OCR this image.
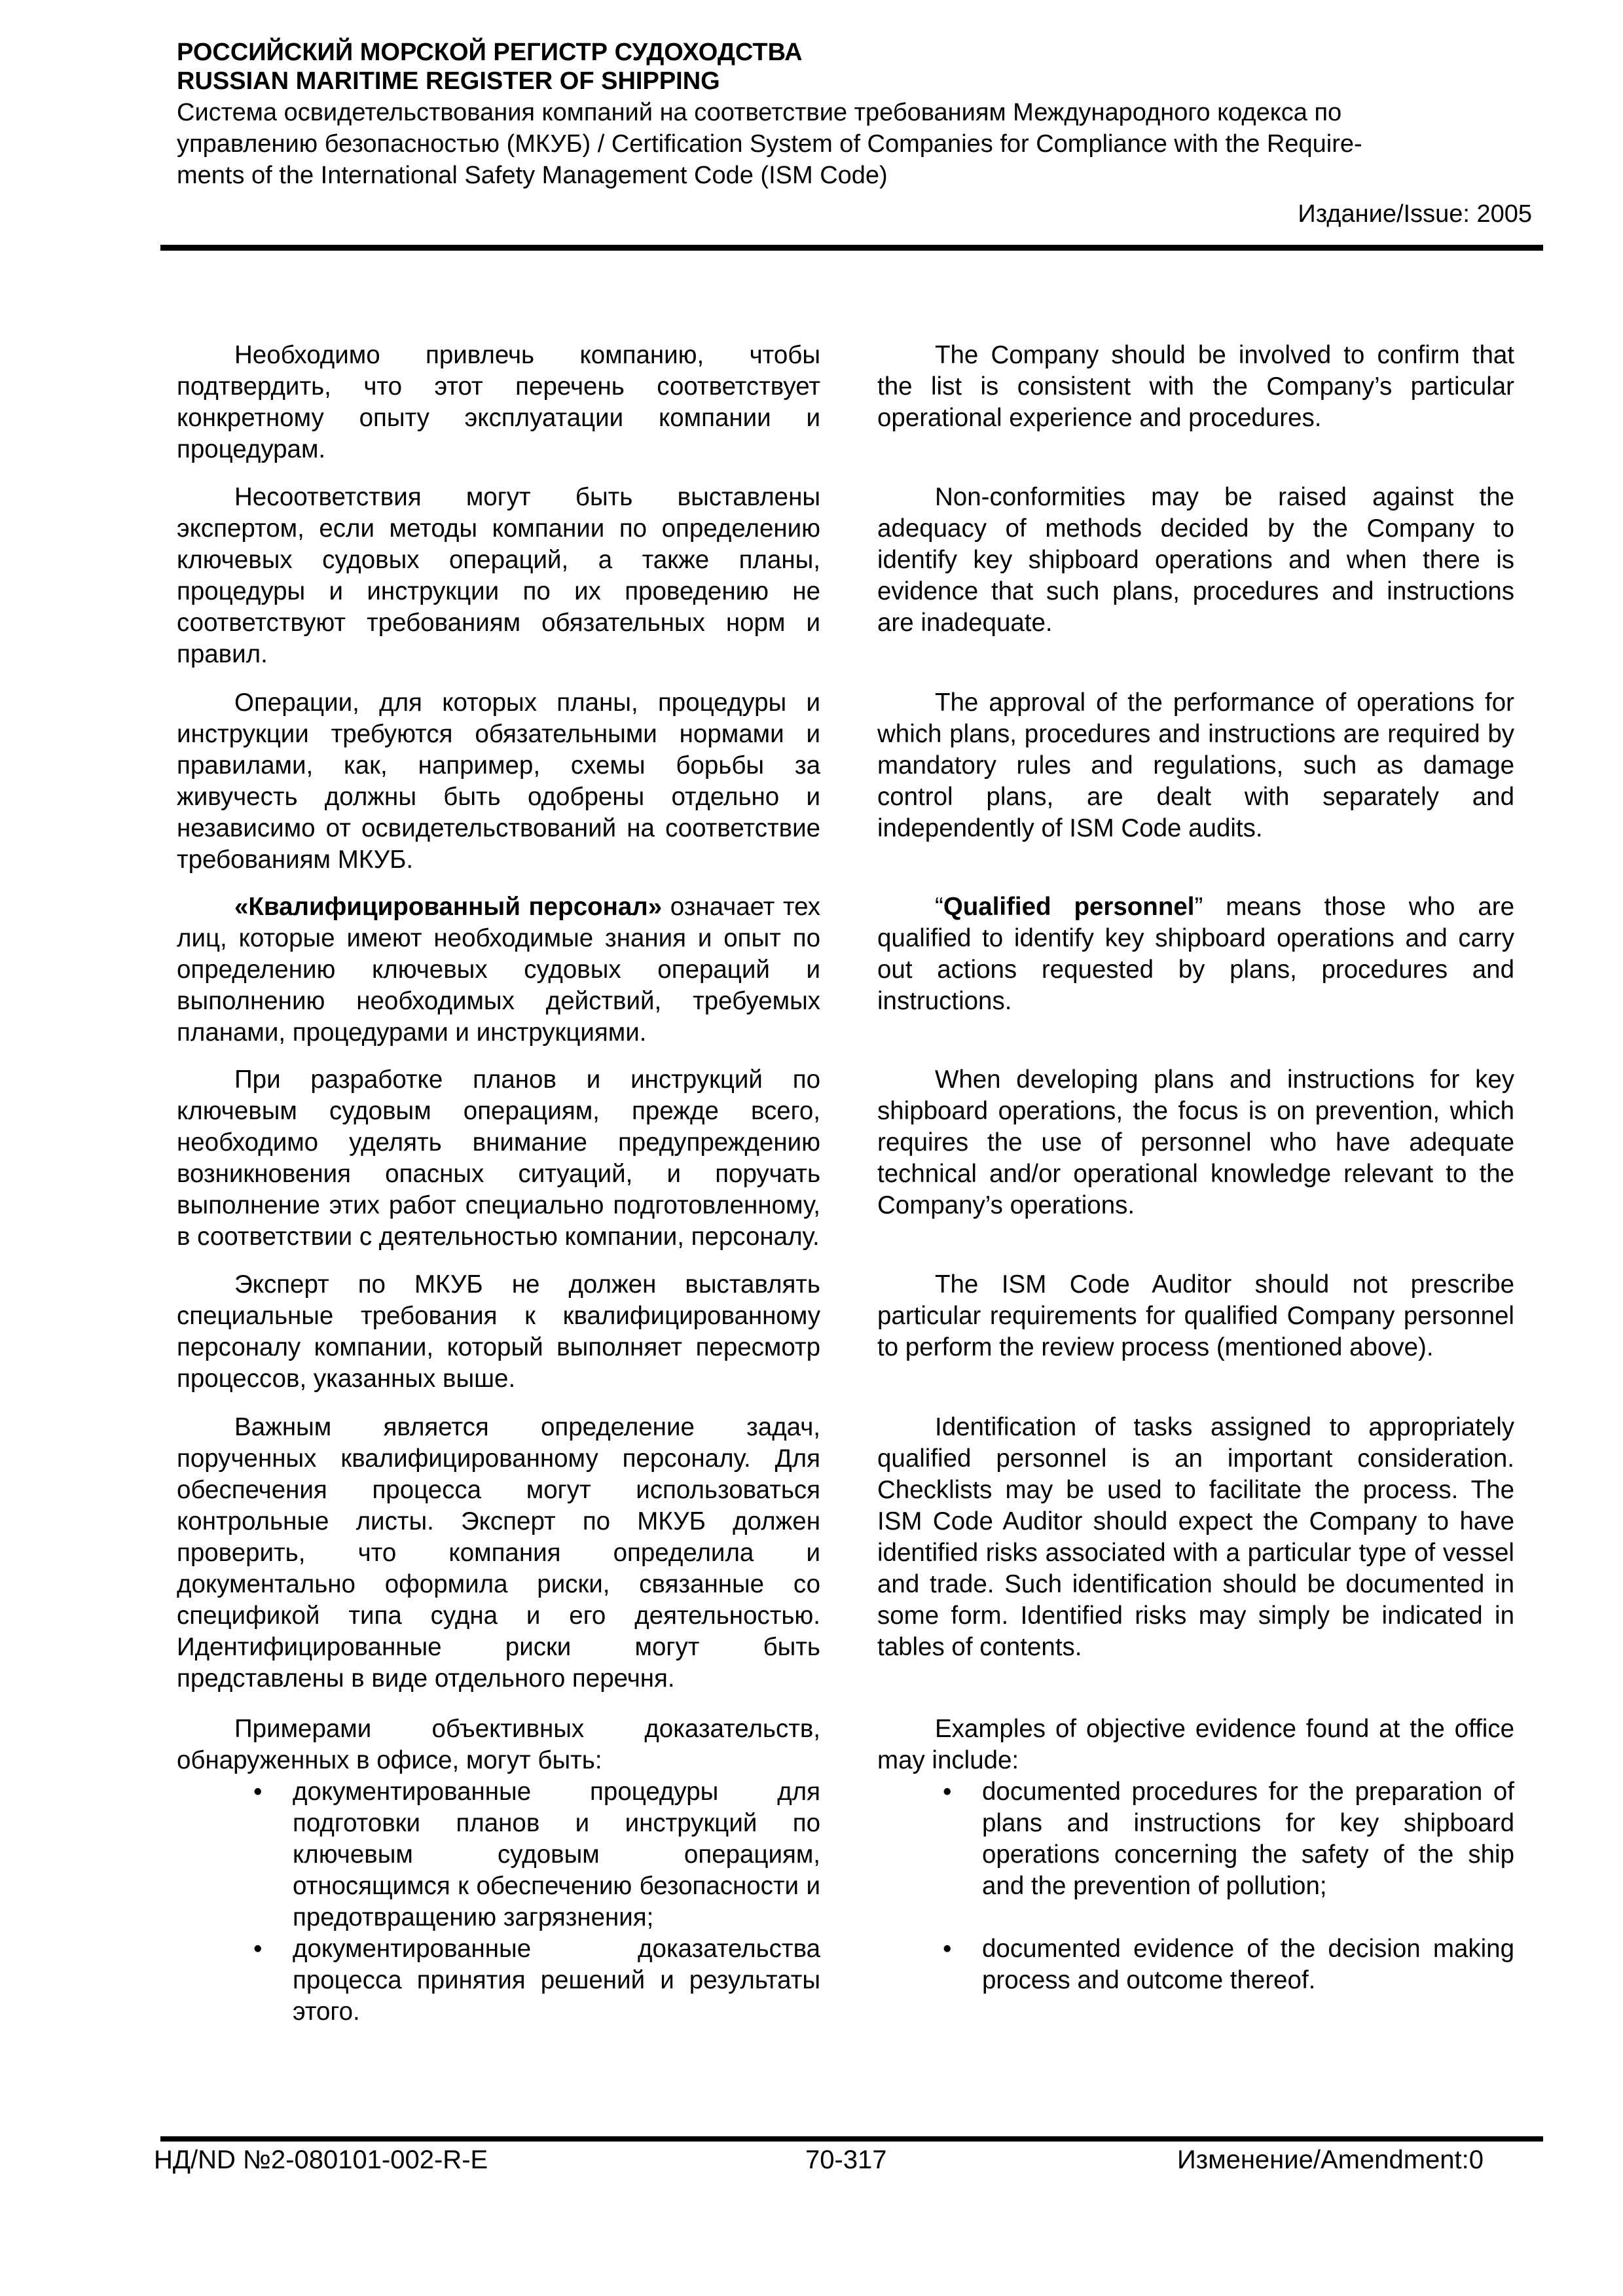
РОССИЙСКИЙ МОРСКОЙ РЕГИСТР СУДОХОДСТВА

RUSSIAN MARITIME REGISTER OF SHIPPING

Система освидетельствования компаний на соответствие требованиям Международного кодекса по
управлению безопасностью (МКУБ) / Certification System of Companies for Compliance with the Require-
ments of the International Safety Management Code (ISM Code)

Издание/Issue: 2005

Необходимо привлечь компанию, чтобы подтвердить, что этот перечень соответствует конкретному опыту эксплуатации компании и процедурам.

Несоответствия могут быть выставлены экспертом, если методы компании по определению ключевых судовых операций, а также планы, процедуры и инструкции по их проведению не соответствуют требованиям обязательных норм и правил.

Операции, для которых планы, процедуры и инструкции требуются обязательными нормами и правилами, как, например, схемы борьбы за живучесть должны быть одобрены отдельно и независимо от освидетельствований на соответствие требованиям МКУБ.

«Квалифицированный персонал» означает тех лиц, которые имеют необходимые знания и опыт по определению ключевых судовых операций и выполнению необходимых действий, требуемых планами, процедурами и инструкциями.

При разработке планов и инструкций по ключевым судовым операциям, прежде всего, необходимо уделять внимание предупреждению возникновения опасных ситуаций, и поручать выполнение этих работ специально подготовленному, в соответствии с деятельностью компании, персоналу.

Эксперт по МКУБ не должен выставлять специальные требования к квалифицированному персоналу компании, который выполняет пересмотр процессов, указанных выше.

Важным является определение задач, порученных квалифицированному персоналу. Для обеспечения процесса могут использоваться контрольные листы. Эксперт по МКУБ должен проверить, что компания определила и документально оформила риски, связанные со спецификой типа судна и его деятельностью. Идентифицированные риски могут быть представлены в виде отдельного перечня.

Примерами объективных доказательств, обнаруженных в офисе, могут быть:

• документированные процедуры для подготовки планов и инструкций по ключевым судовым операциям, относящимся к обеспечению безопасности и предотвращению загрязнения;
• документированные доказательства процесса принятия решений и результаты этого.

The Company should be involved to confirm that the list is consistent with the Company’s particular operational experience and procedures.

Non-conformities may be raised against the adequacy of methods decided by the Company to identify key shipboard operations and when there is evidence that such plans, procedures and instructions are inadequate.

The approval of the performance of operations for which plans, procedures and instructions are required by mandatory rules and regulations, such as damage control plans, are dealt with separately and independently of ISM Code audits.

“Qualified personnel” means those who are qualified to identify key shipboard operations and carry out actions requested by plans, procedures and instructions.

When developing plans and instructions for key shipboard operations, the focus is on prevention, which requires the use of personnel who have adequate technical and/or operational knowledge relevant to the Company’s operations.

The ISM Code Auditor should not prescribe particular requirements for qualified Company personnel to perform the review process (mentioned above).

Identification of tasks assigned to appropriately qualified personnel is an important consideration. Checklists may be used to facilitate the process. The ISM Code Auditor should expect the Company to have identified risks associated with a particular type of vessel and trade. Such identification should be documented in some form. Identified risks may simply be indicated in tables of contents.

Examples of objective evidence found at the office may include:

• documented procedures for the preparation of plans and instructions for key shipboard operations concerning the safety of the ship and the prevention of pollution;
• documented evidence of the decision making process and outcome thereof.
НД/ND №2-080101-002-R-E	70-317	Изменение/Amendment:0
